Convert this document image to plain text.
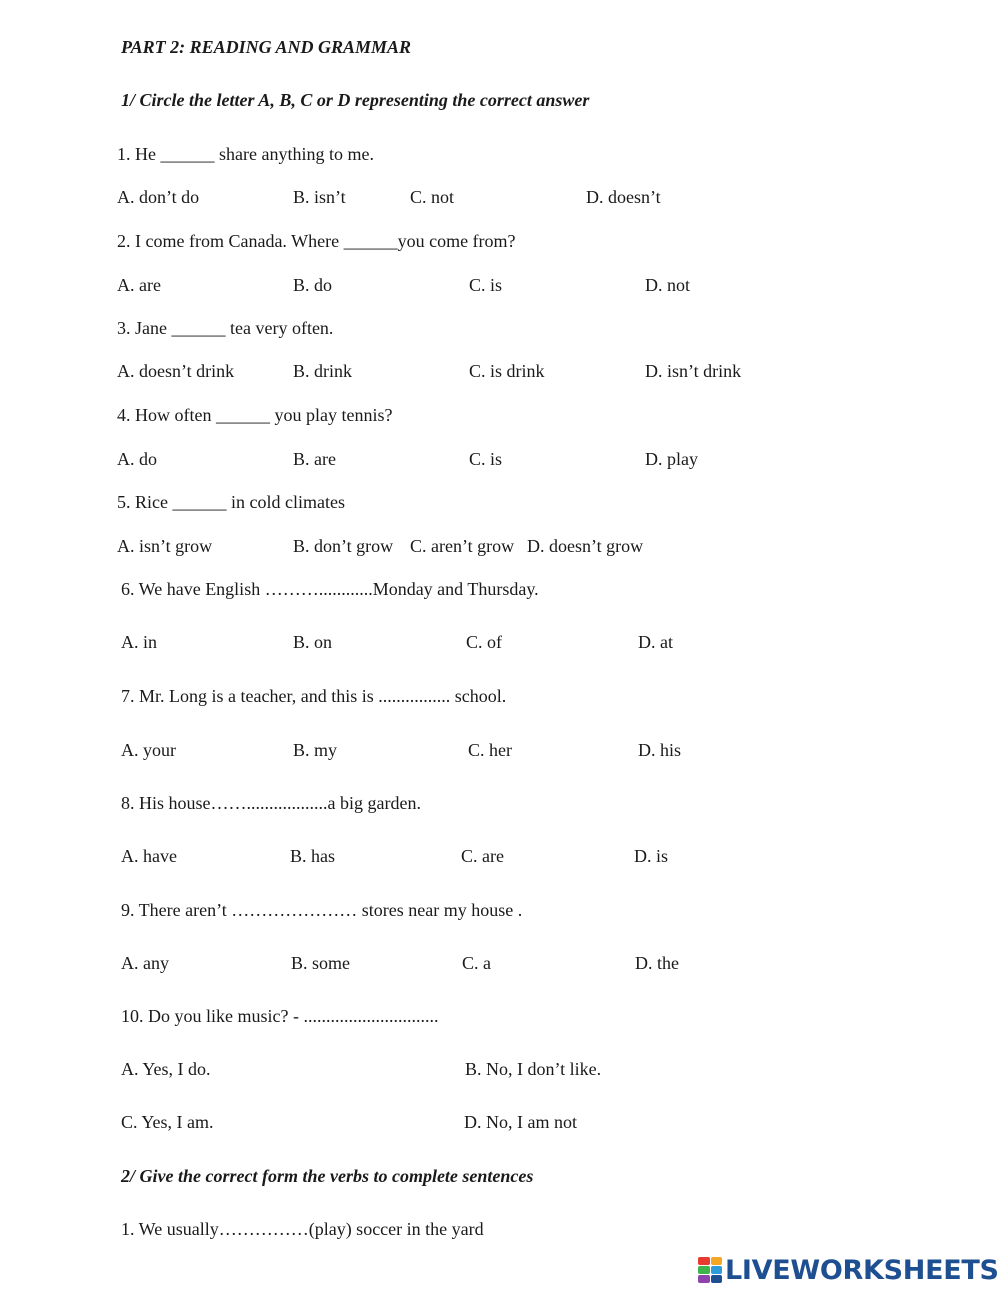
PART 2: READING AND GRAMMAR
1/ Circle the letter A, B, C or D representing the correct answer
1. He ______ share anything to me.
A. don’t do	B. isn’t	C. not	D. doesn’t
2. I come from Canada. Where ______you come from?
A. are	B. do	C. is	D. not
3. Jane ______ tea very often.
A. doesn’t drink	B. drink	C. is drink	D. isn’t drink
4. How often ______ you play tennis?
A. do	B. are	C. is	D. play
5. Rice ______ in cold climates
A. isn’t grow	B. don’t grow C. aren’t grow D. doesn’t grow
6. We have English ………............Monday and Thursday.
A. in	B. on	C. of	D. at
7. Mr. Long is a teacher, and this is ................ school.
A. your	B. my	C. her	D. his
8. His house……..................a big garden.
A. have	B. has	C. are	D. is
9. There aren’t ………………… stores near my house .
A. any	B. some	C. a	D. the
10. Do you like music? - ..............................
A. Yes, I do.	B. No, I don’t like.
C. Yes, I am.	D. No, I am not
2/ Give the correct form the verbs to complete sentences
1. We usually……………(play) soccer in the yard
LIVEWORKSHEETS
